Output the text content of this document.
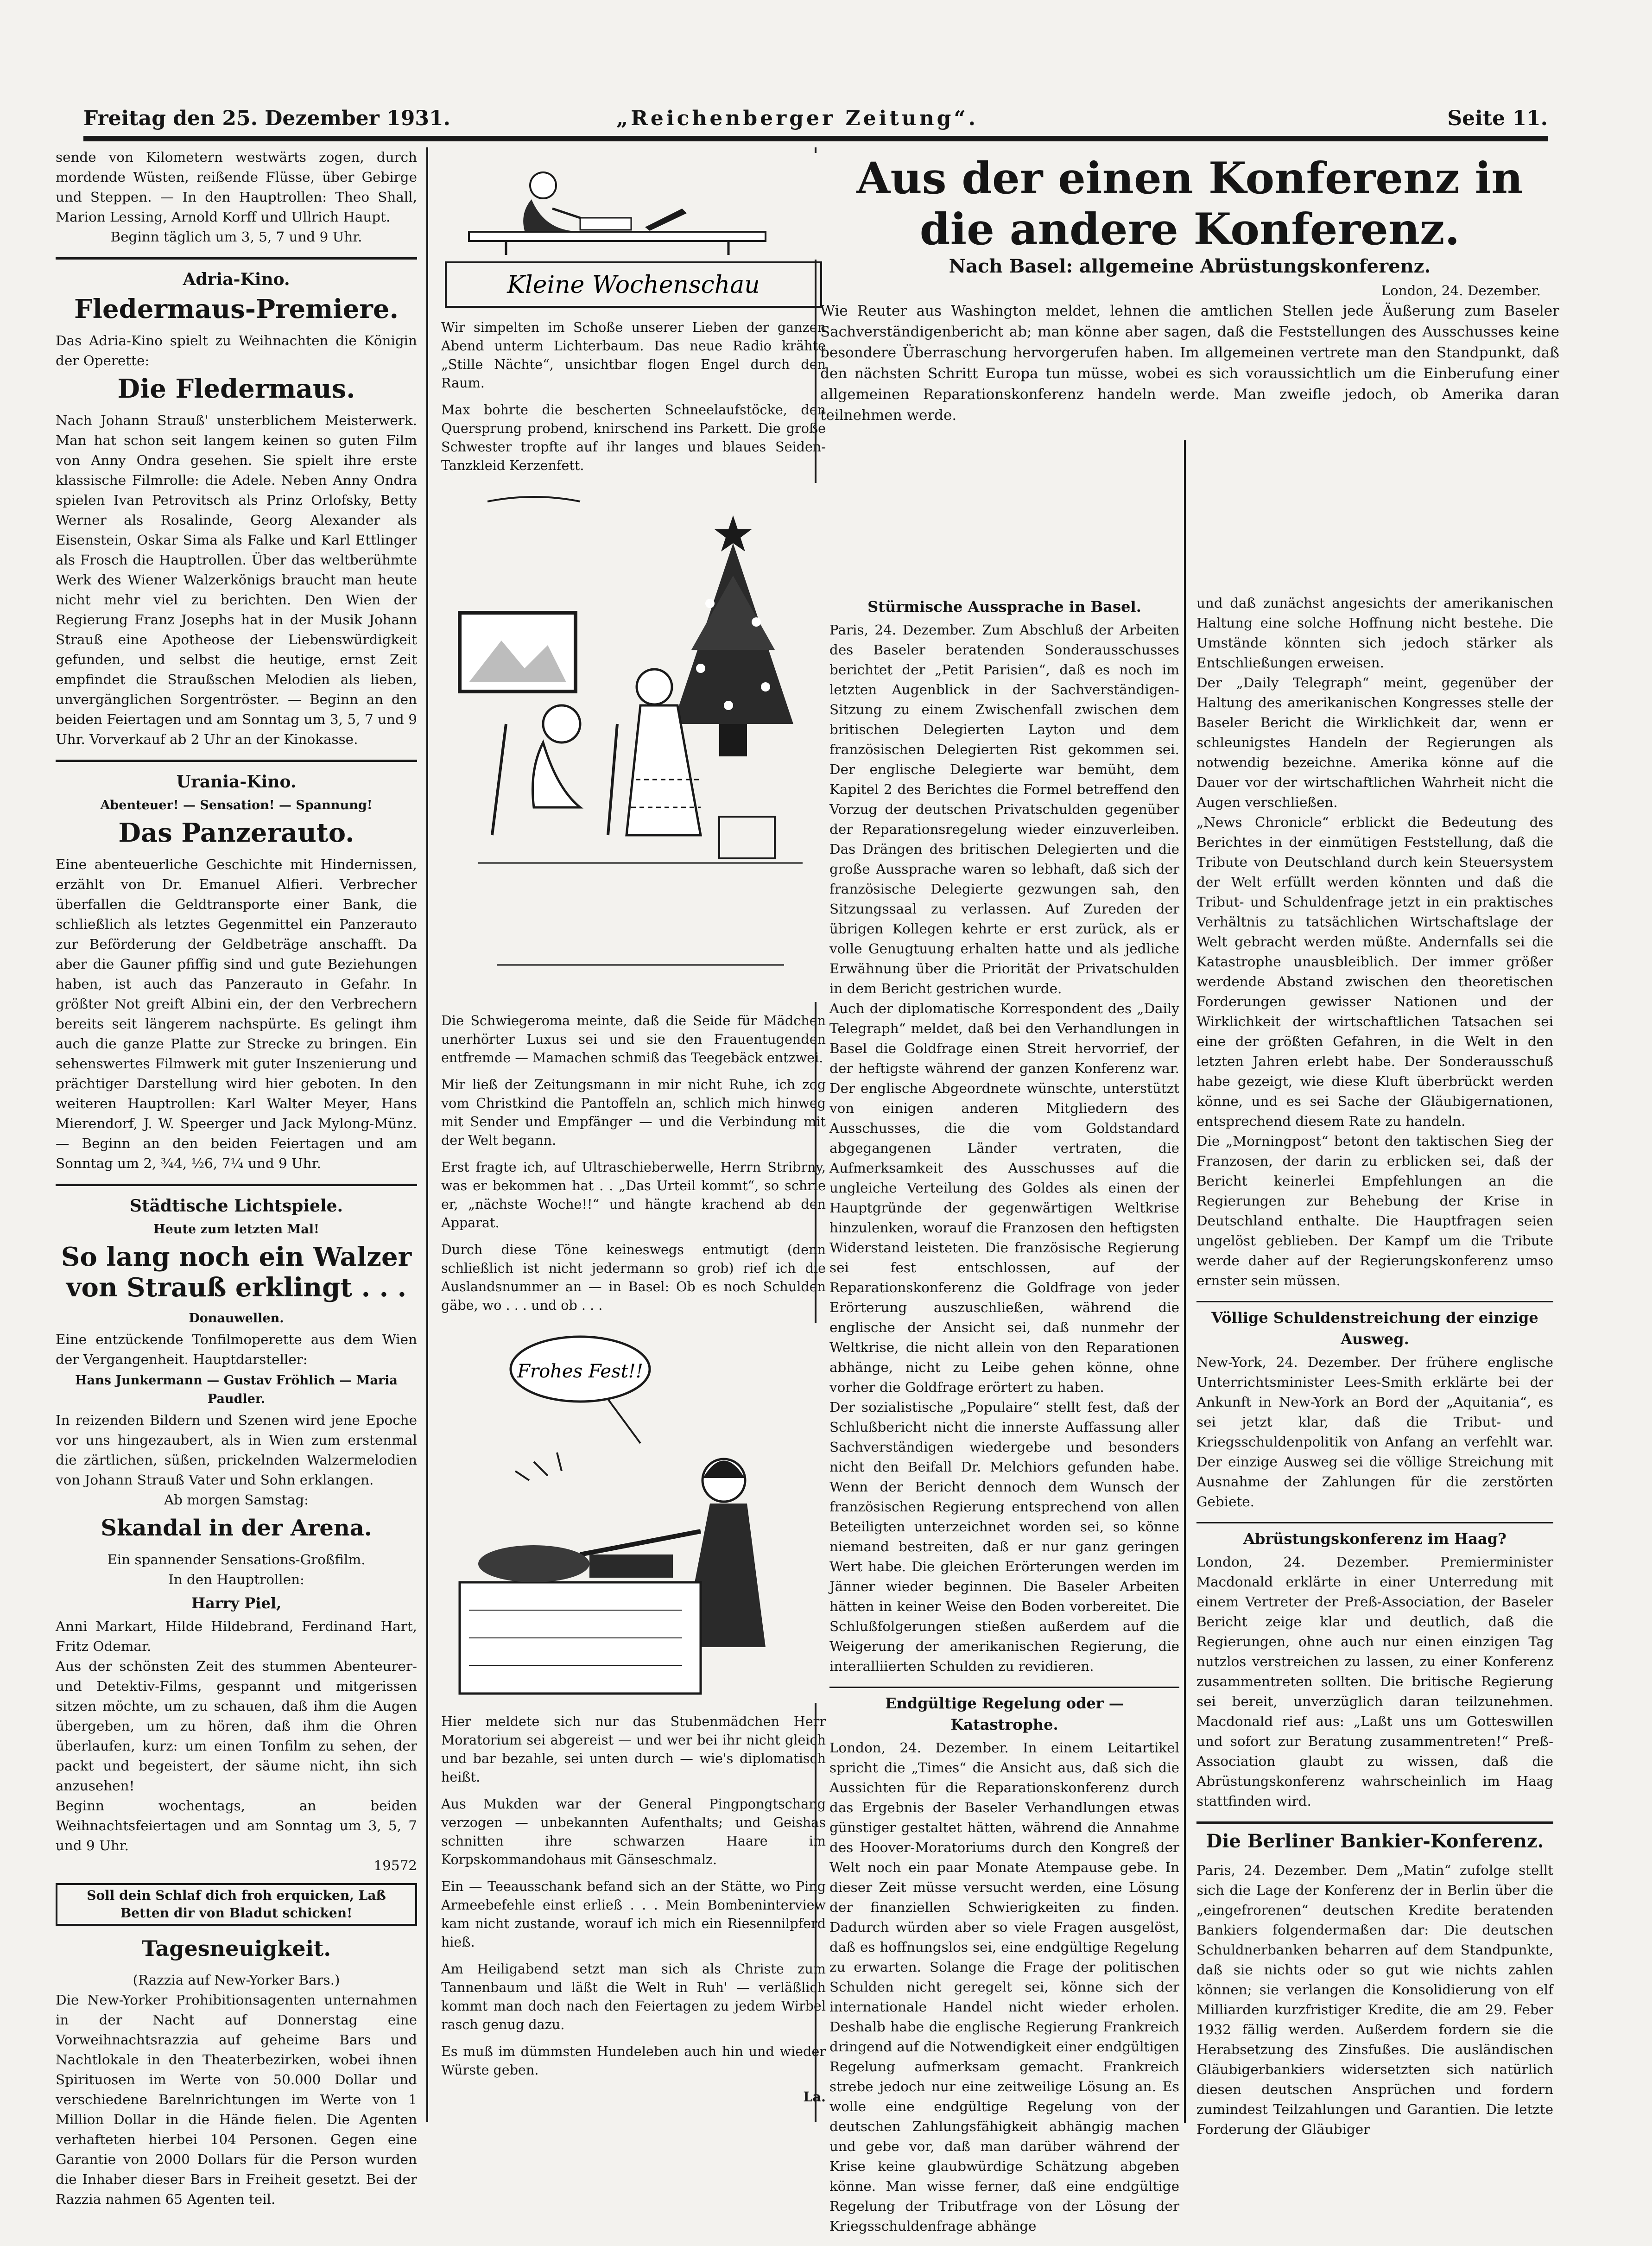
Freitag den 25. Dezember 1931.	„Reichenberger Zeitung“.	Seite 11.

sende von Kilometern westwärts zogen, durch mordende Wüsten, reißende Flüsse, über Gebirge und Steppen. — In den Hauptrollen: Theo Shall, Marion Lessing, Arnold Korff und Ullrich Haupt.

Beginn täglich um 3, 5, 7 und 9 Uhr.

Adria-Kino.
Fledermaus-Premiere.

Das Adria-Kino spielt zu Weihnachten die Königin der Operette:

Die Fledermaus.

Nach Johann Strauß' unsterblichem Meisterwerk. Man hat schon seit langem keinen so guten Film von Anny Ondra gesehen. Sie spielt ihre erste klassische Filmrolle: die Adele. Neben Anny Ondra spielen Ivan Petrovitsch als Prinz Orlofsky, Betty Werner als Rosalinde, Georg Alexander als Eisenstein, Oskar Sima als Falke und Karl Ettlinger als Frosch die Hauptrollen. Über das weltberühmte Werk des Wiener Walzerkönigs braucht man heute nicht mehr viel zu berichten. Den Wien der Regierung Franz Josephs hat in der Musik Johann Strauß eine Apotheose der Liebenswürdigkeit gefunden, und selbst die heutige, ernst Zeit empfindet die Straußschen Melodien als lieben, unvergänglichen Sorgentröster. — Beginn an den beiden Feiertagen und am Sonntag um 3, 5, 7 und 9 Uhr. Vorverkauf ab 2 Uhr an der Kinokasse.

Urania-Kino.
Abenteuer! — Sensation! — Spannung!
Das Panzerauto.

Eine abenteuerliche Geschichte mit Hindernissen, erzählt von Dr. Emanuel Alfieri. Verbrecher überfallen die Geldtransporte einer Bank, die schließlich als letztes Gegenmittel ein Panzerauto zur Beförderung der Geldbeträge anschafft. Da aber die Gauner pfiffig sind und gute Beziehungen haben, ist auch das Panzerauto in Gefahr. In größter Not greift Albini ein, der den Verbrechern bereits seit längerem nachspürte. Es gelingt ihm auch die ganze Platte zur Strecke zu bringen. Ein sehenswertes Filmwerk mit guter Inszenierung und prächtiger Darstellung wird hier geboten. In den weiteren Hauptrollen: Karl Walter Meyer, Hans Mierendorf, J. W. Speerger und Jack Mylong-Münz. — Beginn an den beiden Feiertagen und am Sonntag um 2, ¾4, ½6, 7¼ und 9 Uhr.

Städtische Lichtspiele.
Heute zum letzten Mal!
So lang noch ein Walzer von Strauß erklingt . . .
Donauwellen.

Eine entzückende Tonfilmoperette aus dem Wien der Vergangenheit. Hauptdarsteller:

Hans Junkermann — Gustav Fröhlich — Maria Paudler.

In reizenden Bildern und Szenen wird jene Epoche vor uns hingezaubert, als in Wien zum erstenmal die zärtlichen, süßen, prickelnden Walzermelodien von Johann Strauß Vater und Sohn erklangen.

Ab morgen Samstag:

Skandal in der Arena.

Ein spannender Sensations-Großfilm.

In den Hauptrollen:

Harry Piel,

Anni Markart, Hilde Hildebrand, Ferdinand Hart, Fritz Odemar.

Aus der schönsten Zeit des stummen Abenteurer- und Detektiv-Films, gespannt und mitgerissen sitzen möchte, um zu schauen, daß ihm die Augen übergeben, um zu hören, daß ihm die Ohren überlaufen, kurz: um einen Tonfilm zu sehen, der packt und begeistert, der säume nicht, ihn sich anzusehen!

Beginn wochentags, an beiden Weihnachtsfeiertagen und am Sonntag um 3, 5, 7 und 9 Uhr.

19572

Soll dein Schlaf dich froh erquicken, Laß Betten dir von Bladut schicken!

Tagesneuigkeit.

(Razzia auf New-Yorker Bars.)

Die New-Yorker Prohibitionsagenten unternahmen in der Nacht auf Donnerstag eine Vorweihnachtsrazzia auf geheime Bars und Nachtlokale in den Theaterbezirken, wobei ihnen Spirituosen im Werte von 50.000 Dollar und verschiedene Barelnrichtungen im Werte von 1 Million Dollar in die Hände fielen. Die Agenten verhafteten hierbei 104 Personen. Gegen eine Garantie von 2000 Dollars für die Person wurden die Inhaber dieser Bars in Freiheit gesetzt. Bei der Razzia nahmen 65 Agenten teil.

Kleine Wochenschau

Wir simpelten im Schoße unserer Lieben der ganzen Abend unterm Lichterbaum. Das neue Radio krähte „Stille Nächte“, unsichtbar flogen Engel durch den Raum.

Max bohrte die bescherten Schneelaufstöcke, den Quersprung probend, knirschend ins Parkett. Die große Schwester tropfte auf ihr langes und blaues Seiden-Tanzkleid Kerzenfett.

Die Schwiegeroma meinte, daß die Seide für Mädchen unerhörter Luxus sei und sie den Frauentugenden entfremde — Mamachen schmiß das Teegebäck entzwei.

Mir ließ der Zeitungsmann in mir nicht Ruhe, ich zog vom Christkind die Pantoffeln an, schlich mich hinweg mit Sender und Empfänger — und die Verbindung mit der Welt begann.

Erst fragte ich, auf Ultraschieberwelle, Herrn Stribrny, was er bekommen hat . . „Das Urteil kommt“, so schrie er, „nächste Woche!!“ und hängte krachend ab den Apparat.

Durch diese Töne keineswegs entmutigt (denn schließlich ist nicht jedermann so grob) rief ich die Auslandsnummer an — in Basel: Ob es noch Schulden gäbe, wo . . . und ob . . .

Frohes Fest!!

Hier meldete sich nur das Stubenmädchen Herr Moratorium sei abgereist — und wer bei ihr nicht gleich und bar bezahle, sei unten durch — wie's diplomatisch heißt.

Aus Mukden war der General Pingpongtschang verzogen — unbekannten Aufenthalts; und Geishas schnitten ihre schwarzen Haare im Korpskommandohaus mit Gänseschmalz.

Ein — Teeausschank befand sich an der Stätte, wo Ping Armeebefehle einst erließ . . . Mein Bombeninterview kam nicht zustande, worauf ich mich ein Riesennilpferd hieß.

Am Heiligabend setzt man sich als Christe zum Tannenbaum und läßt die Welt in Ruh' — verläßlich kommt man doch nach den Feiertagen zu jedem Wirbel rasch genug dazu.

Es muß im dümmsten Hundeleben auch hin und wieder Würste geben.

La.

Aus der einen Konferenz in die andere Konferenz.
Nach Basel: allgemeine Abrüstungskonferenz.

London, 24. Dezember.

Wie Reuter aus Washington meldet, lehnen die amtlichen Stellen jede Äußerung zum Baseler Sachverständigenbericht ab; man könne aber sagen, daß die Feststellungen des Ausschusses keine besondere Überraschung hervorgerufen haben. Im allgemeinen vertrete man den Standpunkt, daß den nächsten Schritt Europa tun müsse, wobei es sich voraussichtlich um die Einberufung einer allgemeinen Reparationskonferenz handeln werde. Man zweifle jedoch, ob Amerika daran teilnehmen werde.

Stürmische Aussprache in Basel.

Paris, 24. Dezember. Zum Abschluß der Arbeiten des Baseler beratenden Sonderausschusses berichtet der „Petit Parisien“, daß es noch im letzten Augenblick in der Sachverständigen-Sitzung zu einem Zwischenfall zwischen dem britischen Delegierten Layton und dem französischen Delegierten Rist gekommen sei. Der englische Delegierte war bemüht, dem Kapitel 2 des Berichtes die Formel betreffend den Vorzug der deutschen Privatschulden gegenüber der Reparationsregelung wieder einzuverleiben. Das Drängen des britischen Delegierten und die große Aussprache waren so lebhaft, daß sich der französische Delegierte gezwungen sah, den Sitzungssaal zu verlassen. Auf Zureden der übrigen Kollegen kehrte er erst zurück, als er volle Genugtuung erhalten hatte und als jedliche Erwähnung über die Priorität der Privatschulden in dem Bericht gestrichen wurde.

Auch der diplomatische Korrespondent des „Daily Telegraph“ meldet, daß bei den Verhandlungen in Basel die Goldfrage einen Streit hervorrief, der der heftigste während der ganzen Konferenz war. Der englische Abgeordnete wünschte, unterstützt von einigen anderen Mitgliedern des Ausschusses, die die vom Goldstandard abgegangenen Länder vertraten, die Aufmerksamkeit des Ausschusses auf die ungleiche Verteilung des Goldes als einen der Hauptgründe der gegenwärtigen Weltkrise hinzulenken, worauf die Franzosen den heftigsten Widerstand leisteten. Die französische Regierung sei fest entschlossen, auf der Reparationskonferenz die Goldfrage von jeder Erörterung auszuschließen, während die englische der Ansicht sei, daß nunmehr der Weltkrise, die nicht allein von den Reparationen abhänge, nicht zu Leibe gehen könne, ohne vorher die Goldfrage erörtert zu haben.

Der sozialistische „Populaire“ stellt fest, daß der Schlußbericht nicht die innerste Auffassung aller Sachverständigen wiedergebe und besonders nicht den Beifall Dr. Melchiors gefunden habe. Wenn der Bericht dennoch dem Wunsch der französischen Regierung entsprechend von allen Beteiligten unterzeichnet worden sei, so könne niemand bestreiten, daß er nur ganz geringen Wert habe. Die gleichen Erörterungen werden im Jänner wieder beginnen. Die Baseler Arbeiten hätten in keiner Weise den Boden vorbereitet. Die Schlußfolgerungen stießen außerdem auf die Weigerung der amerikanischen Regierung, die interalliierten Schulden zu revidieren.

Endgültige Regelung oder — Katastrophe.

London, 24. Dezember. In einem Leitartikel spricht die „Times“ die Ansicht aus, daß sich die Aussichten für die Reparationskonferenz durch das Ergebnis der Baseler Verhandlungen etwas günstiger gestaltet hätten, während die Annahme des Hoover-Moratoriums durch den Kongreß der Welt noch ein paar Monate Atempause gebe. In dieser Zeit müsse versucht werden, eine Lösung der finanziellen Schwierigkeiten zu finden. Dadurch würden aber so viele Fragen ausgelöst, daß es hoffnungslos sei, eine endgültige Regelung zu erwarten. Solange die Frage der politischen Schulden nicht geregelt sei, könne sich der internationale Handel nicht wieder erholen. Deshalb habe die englische Regierung Frankreich dringend auf die Notwendigkeit einer endgültigen Regelung aufmerksam gemacht. Frankreich strebe jedoch nur eine zeitweilige Lösung an. Es wolle eine endgültige Regelung von der deutschen Zahlungsfähigkeit abhängig machen und gebe vor, daß man darüber während der Krise keine glaubwürdige Schätzung abgeben könne. Man wisse ferner, daß eine endgültige Regelung der Tributfrage von der Lösung der Kriegsschuldenfrage abhänge

und daß zunächst angesichts der amerikanischen Haltung eine solche Hoffnung nicht bestehe. Die Umstände könnten sich jedoch stärker als Entschließungen erweisen.

Der „Daily Telegraph“ meint, gegenüber der Haltung des amerikanischen Kongresses stelle der Baseler Bericht die Wirklichkeit dar, wenn er schleunigstes Handeln der Regierungen als notwendig bezeichne. Amerika könne auf die Dauer vor der wirtschaftlichen Wahrheit nicht die Augen verschließen.

„News Chronicle“ erblickt die Bedeutung des Berichtes in der einmütigen Feststellung, daß die Tribute von Deutschland durch kein Steuersystem der Welt erfüllt werden könnten und daß die Tribut- und Schuldenfrage jetzt in ein praktisches Verhältnis zu tatsächlichen Wirtschaftslage der Welt gebracht werden müßte. Andernfalls sei die Katastrophe unausbleiblich. Der immer größer werdende Abstand zwischen den theoretischen Forderungen gewisser Nationen und der Wirklichkeit der wirtschaftlichen Tatsachen sei eine der größten Gefahren, in die Welt in den letzten Jahren erlebt habe. Der Sonderausschuß habe gezeigt, wie diese Kluft überbrückt werden könne, und es sei Sache der Gläubigernationen, entsprechend diesem Rate zu handeln.

Die „Morningpost“ betont den taktischen Sieg der Franzosen, der darin zu erblicken sei, daß der Bericht keinerlei Empfehlungen an die Regierungen zur Behebung der Krise in Deutschland enthalte. Die Hauptfragen seien ungelöst geblieben. Der Kampf um die Tribute werde daher auf der Regierungskonferenz umso ernster sein müssen.

Völlige Schuldenstreichung der einzige Ausweg.

New-York, 24. Dezember. Der frühere englische Unterrichtsminister Lees-Smith erklärte bei der Ankunft in New-York an Bord der „Aquitania“, es sei jetzt klar, daß die Tribut- und Kriegsschuldenpolitik von Anfang an verfehlt war. Der einzige Ausweg sei die völlige Streichung mit Ausnahme der Zahlungen für die zerstörten Gebiete.

Abrüstungskonferenz im Haag?

London, 24. Dezember. Premierminister Macdonald erklärte in einer Unterredung mit einem Vertreter der Preß-Association, der Baseler Bericht zeige klar und deutlich, daß die Regierungen, ohne auch nur einen einzigen Tag nutzlos verstreichen zu lassen, zu einer Konferenz zusammentreten sollten. Die britische Regierung sei bereit, unverzüglich daran teilzunehmen. Macdonald rief aus: „Laßt uns um Gotteswillen und sofort zur Beratung zusammentreten!“ Preß-Association glaubt zu wissen, daß die Abrüstungskonferenz wahrscheinlich im Haag stattfinden wird.

Die Berliner Bankier-Konferenz.

Paris, 24. Dezember. Dem „Matin“ zufolge stellt sich die Lage der Konferenz der in Berlin über die „eingefrorenen“ deutschen Kredite beratenden Bankiers folgendermaßen dar: Die deutschen Schuldnerbanken beharren auf dem Standpunkte, daß sie nichts oder so gut wie nichts zahlen können; sie verlangen die Konsolidierung von elf Milliarden kurzfristiger Kredite, die am 29. Feber 1932 fällig werden. Außerdem fordern sie die Herabsetzung des Zinsfußes. Die ausländischen Gläubigerbankiers widersetzten sich natürlich diesen deutschen Ansprüchen und fordern zumindest Teilzahlungen und Garantien. Die letzte Forderung der Gläubiger
